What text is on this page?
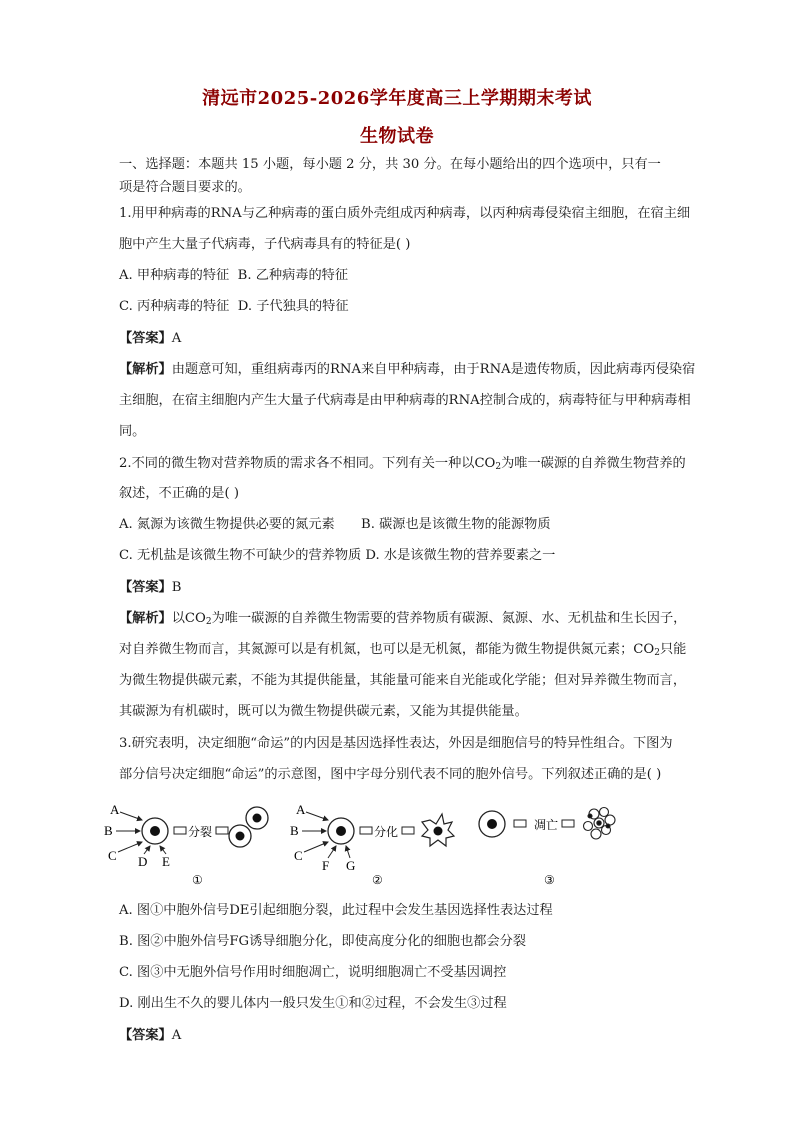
清远市2025-2026学年度高三上学期期末考试
生物试卷
一、选择题：本题共 15 小题，每小题 2 分，共 30 分。在每小题给出的四个选项中，只有一
项是符合题目要求的。
1.用甲种病毒的RNA与乙种病毒的蛋白质外壳组成丙种病毒，以丙种病毒侵染宿主细胞，在宿主细
胞中产生大量子代病毒，子代病毒具有的特征是( )
A. 甲种病毒的特征 B. 乙种病毒的特征
C. 丙种病毒的特征 D. 子代独具的特征
【答案】A
【解析】由题意可知，重组病毒丙的RNA来自甲种病毒，由于RNA是遗传物质，因此病毒丙侵染宿
主细胞，在宿主细胞内产生大量子代病毒是由甲种病毒的RNA控制合成的，病毒特征与甲种病毒相
同。
2.不同的微生物对营养物质的需求各不相同。下列有关一种以$CO_2$为唯一碳源的自养微生物营养的
叙述，不正确的是( )
A. 氮源为该微生物提供必要的氮元素 B. 碳源也是该微生物的能源物质
C. 无机盐是该微生物不可缺少的营养物质 D. 水是该微生物的营养要素之一
【答案】B
【解析】以$CO_2$为唯一碳源的自养微生物需要的营养物质有碳源、氮源、水、无机盐和生长因子，
对自养微生物而言，其氮源可以是有机氮，也可以是无机氮，都能为微生物提供氮元素；$CO_2$只能
为微生物提供碳元素，不能为其提供能量，其能量可能来自光能或化学能；但对异养微生物而言，
其碳源为有机碳时，既可以为微生物提供碳元素，又能为其提供能量。
3.研究表明，决定细胞“命运”的内因是基因选择性表达，外因是细胞信号的特异性组合。下图为
部分信号决定细胞“命运”的示意图，图中字母分别代表不同的胞外信号。下列叙述正确的是( )
A
B
C D E
分裂
①
A
B
C
F G
分化
②
凋亡
③
A. 图①中胞外信号DE引起细胞分裂，此过程中会发生基因选择性表达过程
B. 图②中胞外信号FG诱导细胞分化，即使高度分化的细胞也都会分裂
C. 图③中无胞外信号作用时细胞凋亡，说明细胞凋亡不受基因调控
D. 刚出生不久的婴儿体内一般只发生①和②过程，不会发生③过程
【答案】A
